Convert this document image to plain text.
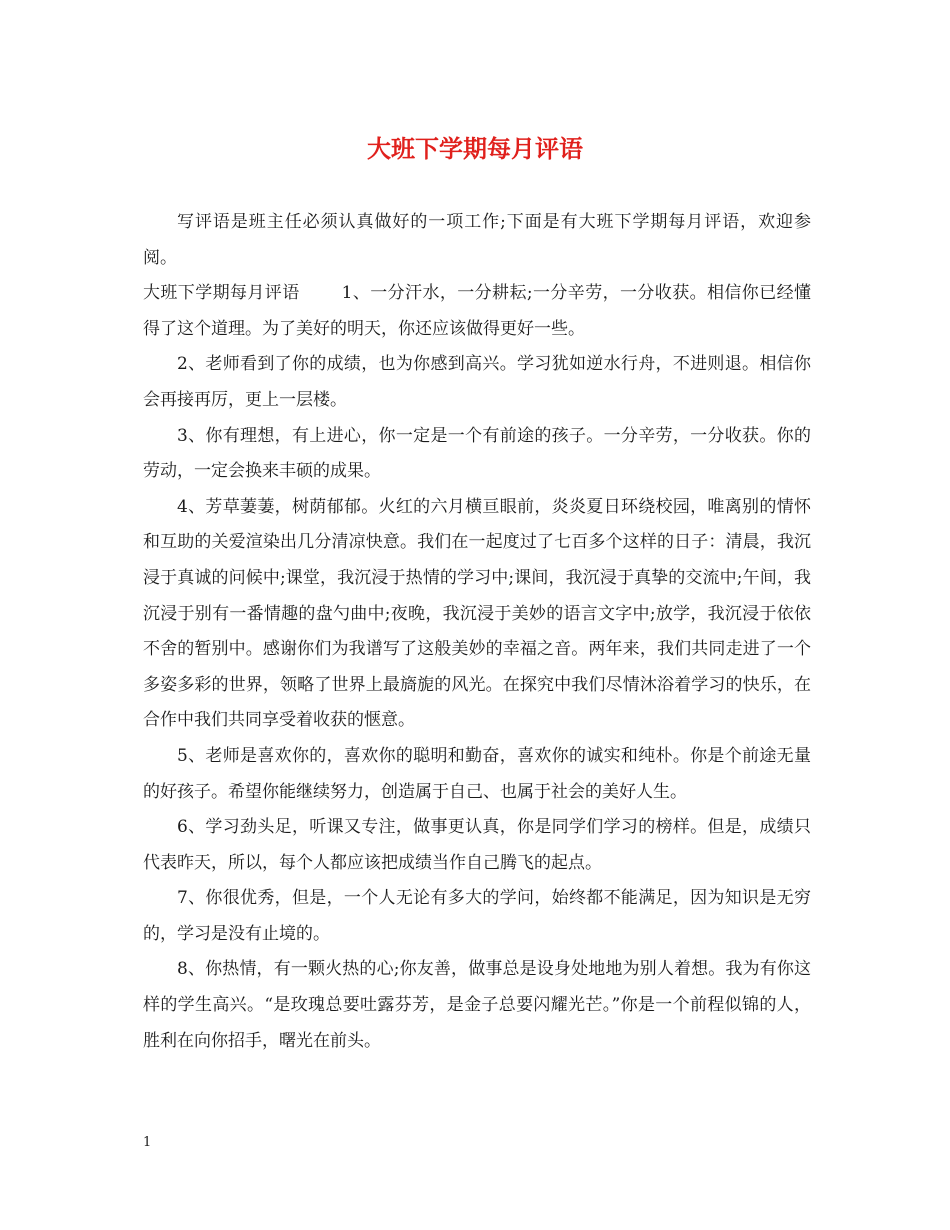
大班下学期每月评语

写评语是班主任必须认真做好的一项工作;下面是有大班下学期每月评语，欢迎参阅。

大班下学期每月评语 1、一分汗水，一分耕耘;一分辛劳，一分收获。相信你已经懂得了这个道理。为了美好的明天，你还应该做得更好一些。

2、老师看到了你的成绩，也为你感到高兴。学习犹如逆水行舟，不进则退。相信你会再接再厉，更上一层楼。

3、你有理想，有上进心，你一定是一个有前途的孩子。一分辛劳，一分收获。你的劳动，一定会换来丰硕的成果。

4、芳草萋萋，树荫郁郁。火红的六月横亘眼前，炎炎夏日环绕校园，唯离别的情怀和互助的关爱渲染出几分清凉快意。我们在一起度过了七百多个这样的日子：清晨，我沉浸于真诚的问候中;课堂，我沉浸于热情的学习中;课间，我沉浸于真挚的交流中;午间，我沉浸于别有一番情趣的盘勺曲中;夜晚，我沉浸于美妙的语言文字中;放学，我沉浸于依依不舍的暂别中。感谢你们为我谱写了这般美妙的幸福之音。两年来，我们共同走进了一个多姿多彩的世界，领略了世界上最旖旎的风光。在探究中我们尽情沐浴着学习的快乐，在合作中我们共同享受着收获的惬意。

5、老师是喜欢你的，喜欢你的聪明和勤奋，喜欢你的诚实和纯朴。你是个前途无量的好孩子。希望你能继续努力，创造属于自己、也属于社会的美好人生。

6、学习劲头足，听课又专注，做事更认真，你是同学们学习的榜样。但是，成绩只代表昨天，所以，每个人都应该把成绩当作自己腾飞的起点。

7、你很优秀，但是，一个人无论有多大的学问，始终都不能满足，因为知识是无穷的，学习是没有止境的。

8、你热情，有一颗火热的心;你友善，做事总是设身处地地为别人着想。我为有你这样的学生高兴。“是玫瑰总要吐露芬芳，是金子总要闪耀光芒。”你是一个前程似锦的人，胜利在向你招手，曙光在前头。

1
